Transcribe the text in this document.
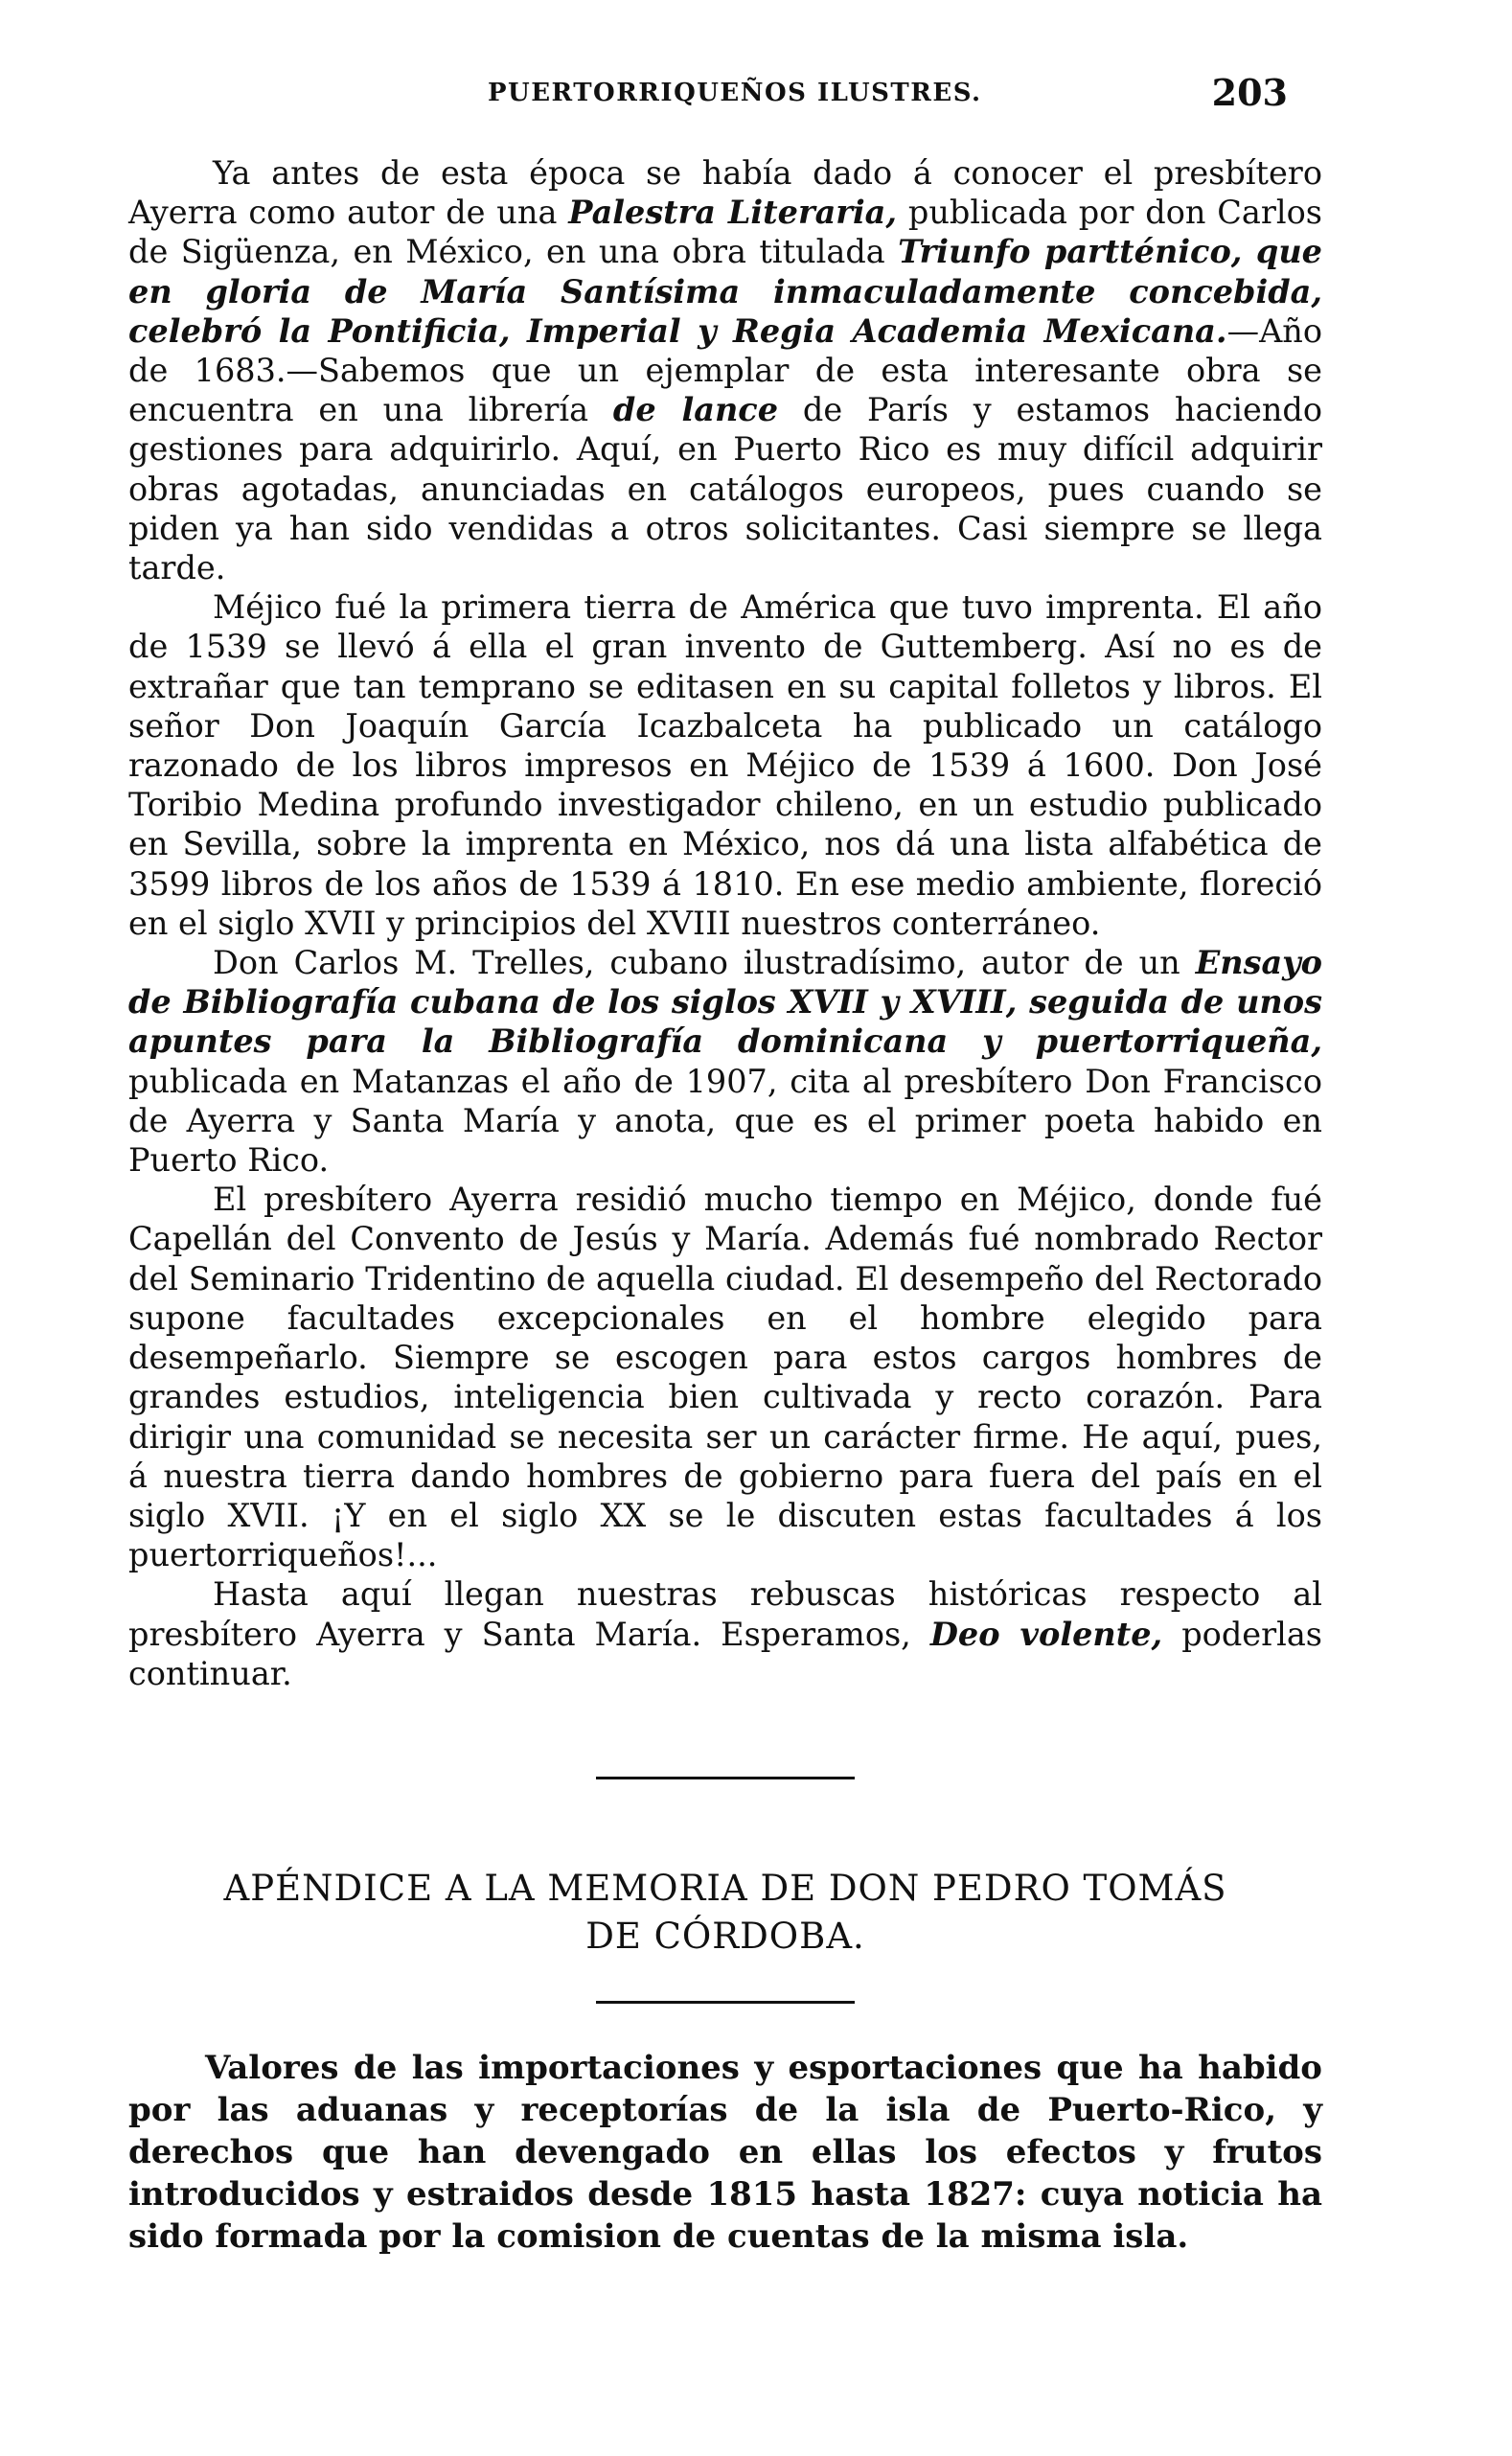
PUERTORRIQUEÑOS ILUSTRES.	203

Ya antes de esta época se había dado á conocer el presbítero Ayerra como autor de una Palestra Literaria, publicada por don Carlos de Sigüenza, en México, en una obra titulada Triunfo partténico, que en gloria de María Santísima inmaculadamente concebida, celebró la Pontificia, Imperial y Regia Academia Mexicana.—Año de 1683.—Sabemos que un ejemplar de esta interesante obra se encuentra en una librería de lance de París y estamos haciendo gestiones para adquirirlo. Aquí, en Puerto Rico es muy difícil adquirir obras agotadas, anunciadas en catálogos europeos, pues cuando se piden ya han sido vendidas a otros solicitantes. Casi siempre se llega tarde.

Méjico fué la primera tierra de América que tuvo imprenta. El año de 1539 se llevó á ella el gran invento de Guttemberg. Así no es de extrañar que tan temprano se editasen en su capital folletos y libros. El señor Don Joaquín García Icazbalceta ha publicado un catálogo razonado de los libros impresos en Méjico de 1539 á 1600. Don José Toribio Medina profundo investigador chileno, en un estudio publicado en Sevilla, sobre la imprenta en México, nos dá una lista alfabética de 3599 libros de los años de 1539 á 1810. En ese medio ambiente, floreció en el siglo XVII y principios del XVIII nuestros conterráneo.

Don Carlos M. Trelles, cubano ilustradísimo, autor de un Ensayo de Bibliografía cubana de los siglos XVII y XVIII, seguida de unos apuntes para la Bibliografía dominicana y puertorriqueña, publicada en Matanzas el año de 1907, cita al presbítero Don Francisco de Ayerra y Santa María y anota, que es el primer poeta habido en Puerto Rico.

El presbítero Ayerra residió mucho tiempo en Méjico, donde fué Capellán del Convento de Jesús y María. Además fué nombrado Rector del Seminario Tridentino de aquella ciudad. El desempeño del Rectorado supone facultades excepcionales en el hombre elegido para desempeñarlo. Siempre se escogen para estos cargos hombres de grandes estudios, inteligencia bien cultivada y recto corazón. Para dirigir una comunidad se necesita ser un carácter firme. He aquí, pues, á nuestra tierra dando hombres de gobierno para fuera del país en el siglo XVII. ¡Y en el siglo XX se le discuten estas facultades á los puertorriqueños!...

Hasta aquí llegan nuestras rebuscas históricas respecto al presbítero Ayerra y Santa María. Esperamos, Deo volente, poderlas continuar.

APÉNDICE A LA MEMORIA DE DON PEDRO TOMÁS
DE CÓRDOBA.

Valores de las importaciones y esportaciones que ha habido por las aduanas y receptorías de la isla de Puerto-Rico, y derechos que han devengado en ellas los efectos y frutos introducidos y estraidos desde 1815 hasta 1827: cuya noticia ha sido formada por la comision de cuentas de la misma isla.
